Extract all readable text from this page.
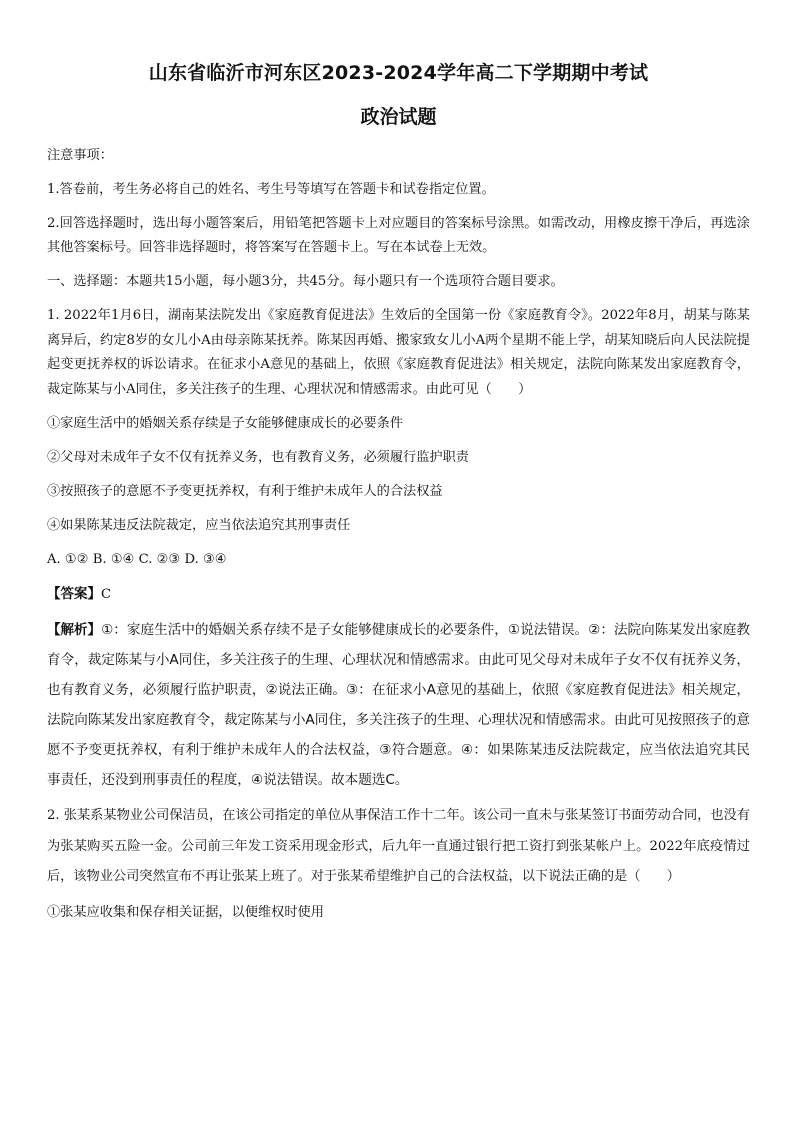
山东省临沂市河东区2023-2024学年高二下学期期中考试
政治试题

注意事项：

1.答卷前，考生务必将自己的姓名、考生号等填写在答题卡和试卷指定位置。

2.回答选择题时，选出每小题答案后，用铅笔把答题卡上对应题目的答案标号涂黑。如需改动，用橡皮擦干净后，再选涂其他答案标号。回答非选择题时，将答案写在答题卡上。写在本试卷上无效。

一、选择题：本题共15小题，每小题3分，共45分。每小题只有一个选项符合题目要求。

1. 2022年1月6日，湖南某法院发出《家庭教育促进法》生效后的全国第一份《家庭教育令》。2022年8月，胡某与陈某离异后，约定8岁的女儿小A由母亲陈某抚养。陈某因再婚、搬家致女儿小A两个星期不能上学，胡某知晓后向人民法院提起变更抚养权的诉讼请求。在征求小A意见的基础上，依照《家庭教育促进法》相关规定，法院向陈某发出家庭教育令，裁定陈某与小A同住，多关注孩子的生理、心理状况和情感需求。由此可见（　　）

①家庭生活中的婚姻关系存续是子女能够健康成长的必要条件

②父母对未成年子女不仅有抚养义务，也有教育义务，必须履行监护职责

③按照孩子的意愿不予变更抚养权，有利于维护未成年人的合法权益

④如果陈某违反法院裁定，应当依法追究其刑事责任

A. ①② B. ①④ C. ②③ D. ③④

【答案】C

【解析】①：家庭生活中的婚姻关系存续不是子女能够健康成长的必要条件，①说法错误。②：法院向陈某发出家庭教育令，裁定陈某与小A同住，多关注孩子的生理、心理状况和情感需求。由此可见父母对未成年子女不仅有抚养义务，也有教育义务，必须履行监护职责，②说法正确。③：在征求小A意见的基础上，依照《家庭教育促进法》相关规定，法院向陈某发出家庭教育令，裁定陈某与小A同住，多关注孩子的生理、心理状况和情感需求。由此可见按照孩子的意愿不予变更抚养权，有利于维护未成年人的合法权益，③符合题意。④：如果陈某违反法院裁定，应当依法追究其民事责任，还没到刑事责任的程度，④说法错误。故本题选C。

2. 张某系某物业公司保洁员，在该公司指定的单位从事保洁工作十二年。该公司一直未与张某签订书面劳动合同，也没有为张某购买五险一金。公司前三年发工资采用现金形式，后九年一直通过银行把工资打到张某帐户上。2022年底疫情过后，该物业公司突然宣布不再让张某上班了。对于张某希望维护自己的合法权益，以下说法正确的是（　　）

①张某应收集和保存相关证据，以便维权时使用
